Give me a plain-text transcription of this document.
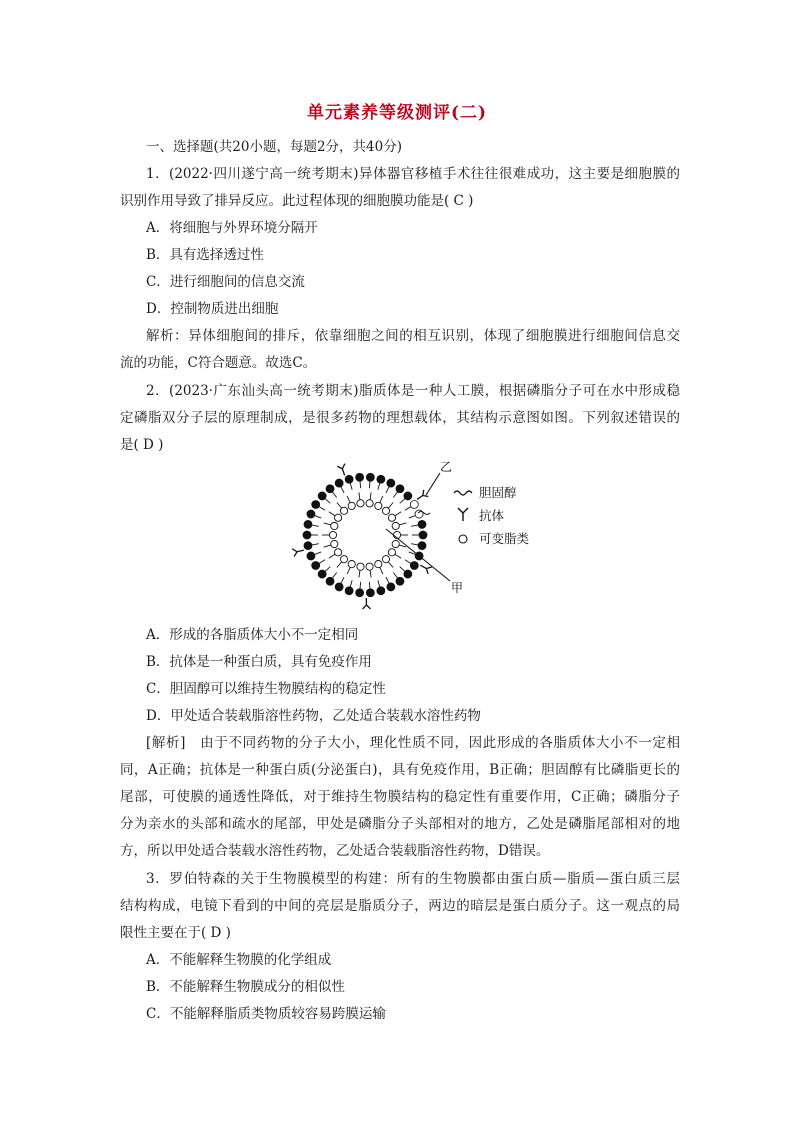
单元素养等级测评(二)
一、选择题(共20小题，每题2分，共40分)
1．(2022·四川遂宁高一统考期末)异体器官移植手术往往很难成功，这主要是细胞膜的
识别作用导致了排异反应。此过程体现的细胞膜功能是( C )
A．将细胞与外界环境分隔开
B．具有选择透过性
C．进行细胞间的信息交流
D．控制物质进出细胞
解析：异体细胞间的排斥，依靠细胞之间的相互识别，体现了细胞膜进行细胞间信息交
流的功能，C符合题意。故选C。
2．(2023·广东汕头高一统考期末)脂质体是一种人工膜，根据磷脂分子可在水中形成稳
定磷脂双分子层的原理制成，是很多药物的理想载体，其结构示意图如图。下列叙述错误的
是( D )
乙
甲
胆固醇
抗体
可变脂类
A．形成的各脂质体大小不一定相同
B．抗体是一种蛋白质，具有免疫作用
C．胆固醇可以维持生物膜结构的稳定性
D．甲处适合装载脂溶性药物，乙处适合装载水溶性药物
[解析]　由于不同药物的分子大小，理化性质不同，因此形成的各脂质体大小不一定相
同，A正确；抗体是一种蛋白质(分泌蛋白)，具有免疫作用，B正确；胆固醇有比磷脂更长的
尾部，可使膜的通透性降低，对于维持生物膜结构的稳定性有重要作用，C正确；磷脂分子
分为亲水的头部和疏水的尾部，甲处是磷脂分子头部相对的地方，乙处是磷脂尾部相对的地
方，所以甲处适合装载水溶性药物，乙处适合装载脂溶性药物，D错误。
3．罗伯特森的关于生物膜模型的构建：所有的生物膜都由蛋白质—脂质—蛋白质三层
结构构成，电镜下看到的中间的亮层是脂质分子，两边的暗层是蛋白质分子。这一观点的局
限性主要在于( D )
A．不能解释生物膜的化学组成
B．不能解释生物膜成分的相似性
C．不能解释脂质类物质较容易跨膜运输
